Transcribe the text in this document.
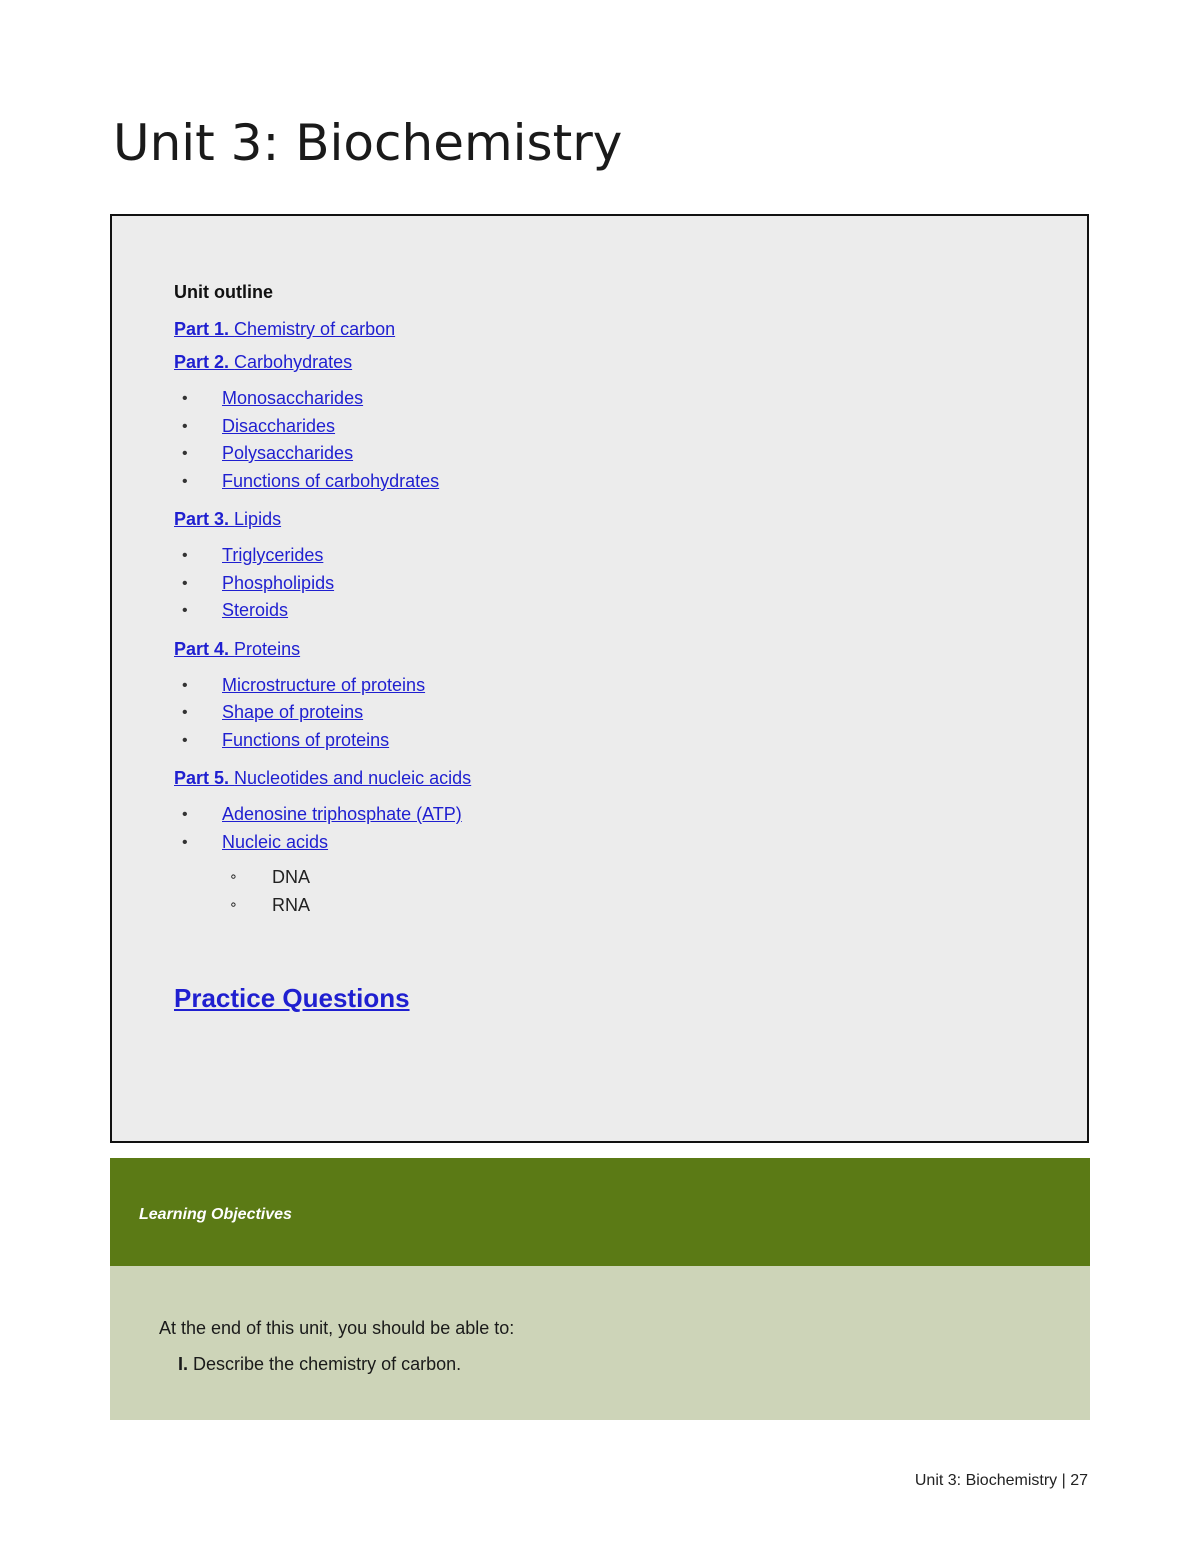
Unit 3: Biochemistry
Unit outline
Part 1. Chemistry of carbon
Part 2. Carbohydrates
• Monosaccharides
• Disaccharides
• Polysaccharides
• Functions of carbohydrates
Part 3. Lipids
• Triglycerides
• Phospholipids
• Steroids
Part 4. Proteins
• Microstructure of proteins
• Shape of proteins
• Functions of proteins
Part 5. Nucleotides and nucleic acids
• Adenosine triphosphate (ATP)
• Nucleic acids
∘ DNA
∘ RNA
Practice Questions
Learning Objectives
At the end of this unit, you should be able to:
I. Describe the chemistry of carbon.
Unit 3: Biochemistry | 27
